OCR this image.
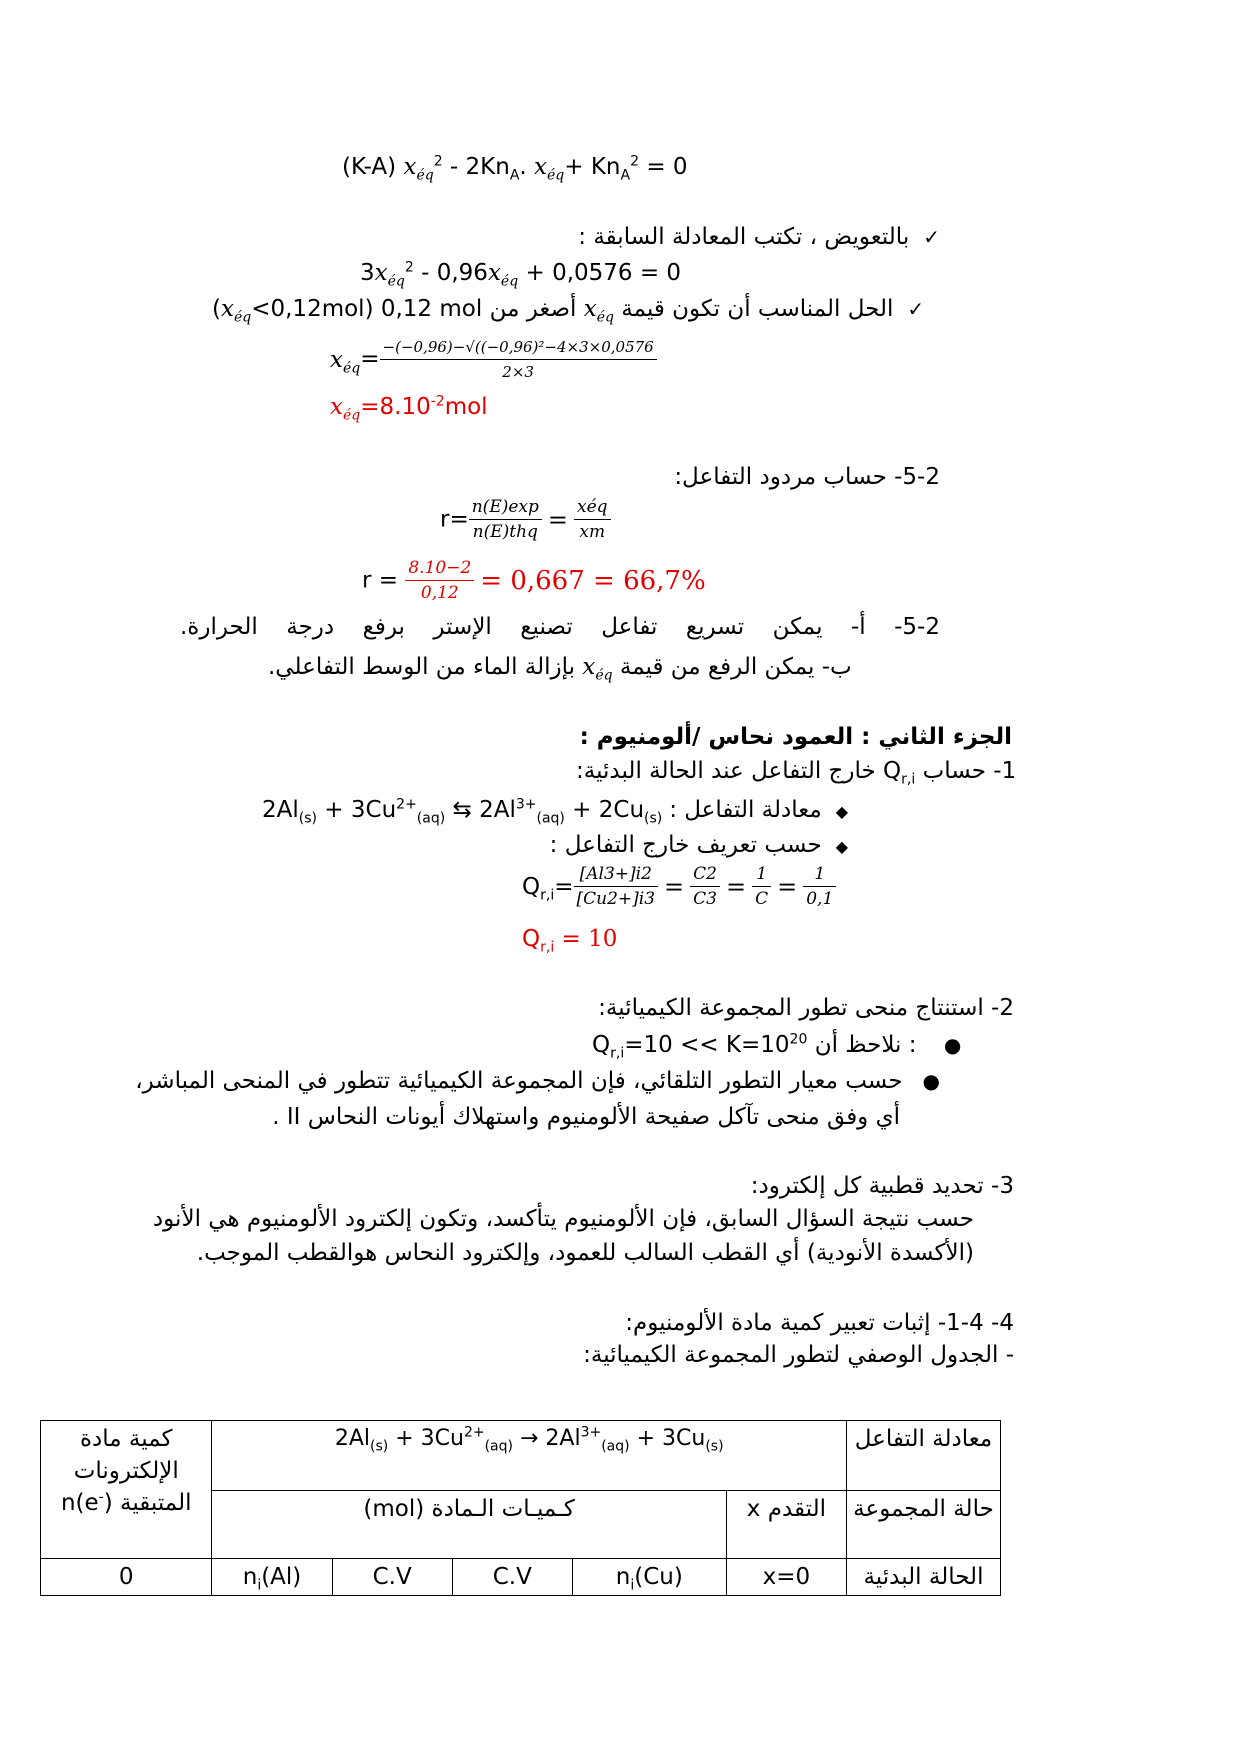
(K-A) 𝑥$_{éq}^2$ - $2Kn_A$. 𝑥$_{éq}$+ $Kn_A^2 = 0$
✓بالتعويض ، تكتب المعادلة السابقة :
3𝑥$_{éq}^2$ - 0,96𝑥$_{éq}$ + 0,0576 = 0
(𝑥$_{éq}$<0,12mol) 0,12 mol أصغر من 𝑥$_{éq}$ الحل المناسب أن تكون قيمة ✓
𝑥$_{éq}$= $\frac{\text{−(−0,96)−√((−0,96)²−4×3×0,0576}}{2\times 3}$
$𝑥_{éq}=8.10^{-2}mol$
5-2- حساب مردود التفاعل:
$r= \frac{n(E)\exp}{\text{n(E)thq}} = \frac{\text{xéq}}{xm}$
$r = \frac{8.10-2}{0,12} = 0,667 = 66,7\%$
5-2- أ- يمكن تسريع تفاعل تصنيع الإستر برفع درجة الحرارة.
بإزالة الماء من الوسط التفاعلي. 𝑥$_{éq}$ ب- يمكن الرفع من قيمة
الجزء الثاني : العمود نحاس /ألومنيوم :
خارج التفاعل عند الحالة البدئية: $Q_{r,i}$ حساب -1
$2Al_{(s)} + 3Cu^{2+}_{(aq)}$ ⇆ $2Al^{3+}_{(aq)} + 2Cu_{(s)}$	◆معادلة التفاعل :
◆حسب تعريف خارج التفاعل :
$Q_{r,i}= \frac{[Al3+]i2}{[Cu2+]i3} = \frac{C2}{C3} = \frac{1}{C} = \frac{1}{0,1}$
$Q_{r,i} = 10$
2- استنتاج منحى تطور المجموعة الكيميائية:
$Q_{r,i}=10 << K=10^{20}$ : نلاحظ أن ●
●حسب معيار التطور التلقائي، فإن المجموعة الكيميائية تتطور في المنحى المباشر،
أي وفق منحى تآكل صفيحة الألومنيوم واستهلاك أيونات النحاس II .
3- تحديد قطبية كل إلكترود:
حسب نتيجة السؤال السابق، فإن الألومنيوم يتأكسد، وتكون إلكترود الألومنيوم هي الأنود
(الأكسدة الأنودية) أي القطب السالب للعمود، وإلكترود النحاس هوالقطب الموجب.
4- 1-4- إثبات تعبير كمية مادة الألومنيوم:
- الجدول الوصفي لتطور المجموعة الكيميائية:
كمية مادة الإلكترونات المتبقية n(e-)	$2Al_{(s)} + 3Cu^{2+}_{(aq)} \to 2Al^{3+}_{(aq)} + 3Cu_{(s)}$					معادلة التفاعل
	كـميـات الـمادة (mol)				التقدم x	حالة المجموعة
0	$n_i(Al)$	C.V	C.V	$n_i(Cu)$	x=0	الحالة البدئية
